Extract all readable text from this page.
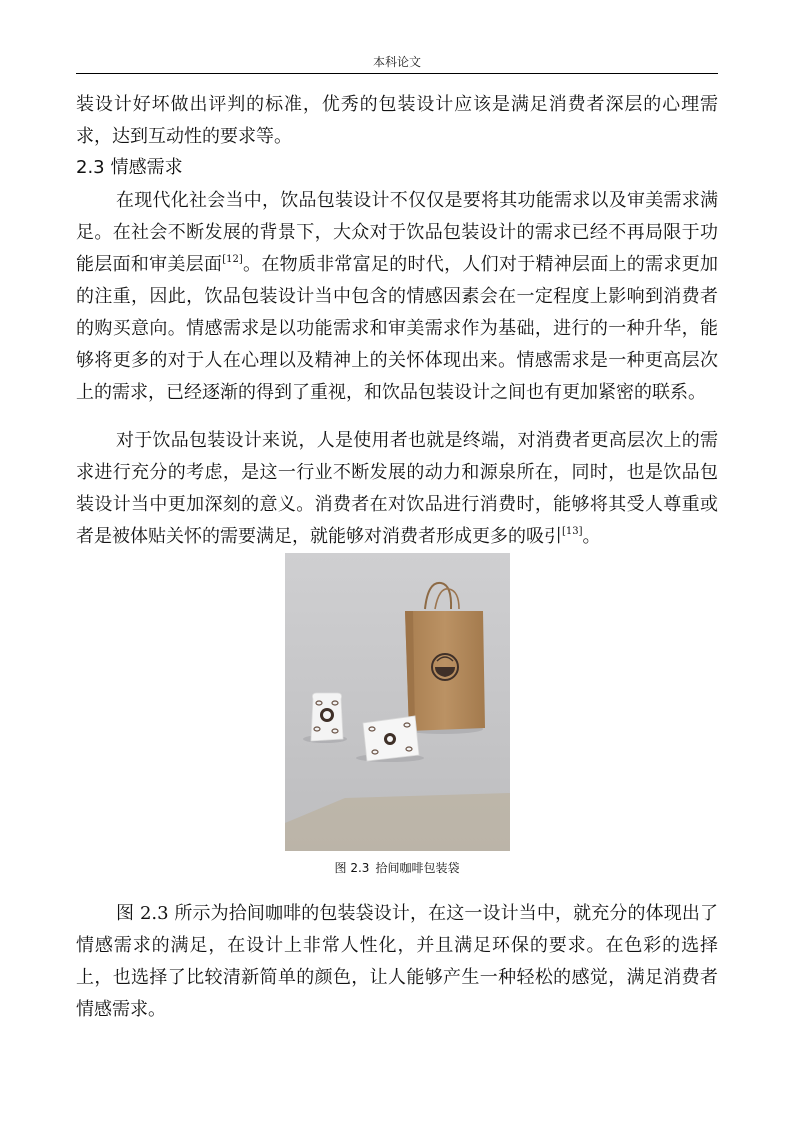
本科论文

装设计好坏做出评判的标准，优秀的包装设计应该是满足消费者深层的心理需求，达到互动性的要求等。

2.3 情感需求

在现代化社会当中，饮品包装设计不仅仅是要将其功能需求以及审美需求满足。在社会不断发展的背景下，大众对于饮品包装设计的需求已经不再局限于功能层面和审美层面[12]。在物质非常富足的时代，人们对于精神层面上的需求更加的注重，因此，饮品包装设计当中包含的情感因素会在一定程度上影响到消费者的购买意向。情感需求是以功能需求和审美需求作为基础，进行的一种升华，能够将更多的对于人在心理以及精神上的关怀体现出来。情感需求是一种更高层次上的需求，已经逐渐的得到了重视，和饮品包装设计之间也有更加紧密的联系。

对于饮品包装设计来说，人是使用者也就是终端，对消费者更高层次上的需求进行充分的考虑，是这一行业不断发展的动力和源泉所在，同时，也是饮品包装设计当中更加深刻的意义。消费者在对饮品进行消费时，能够将其受人尊重或者是被体贴关怀的需要满足，就能够对消费者形成更多的吸引[13]。

图 2.3 拾间咖啡包装袋

图 2.3 所示为拾间咖啡的包装袋设计，在这一设计当中，就充分的体现出了情感需求的满足，在设计上非常人性化，并且满足环保的要求。在色彩的选择上，也选择了比较清新简单的颜色，让人能够产生一种轻松的感觉，满足消费者情感需求。
